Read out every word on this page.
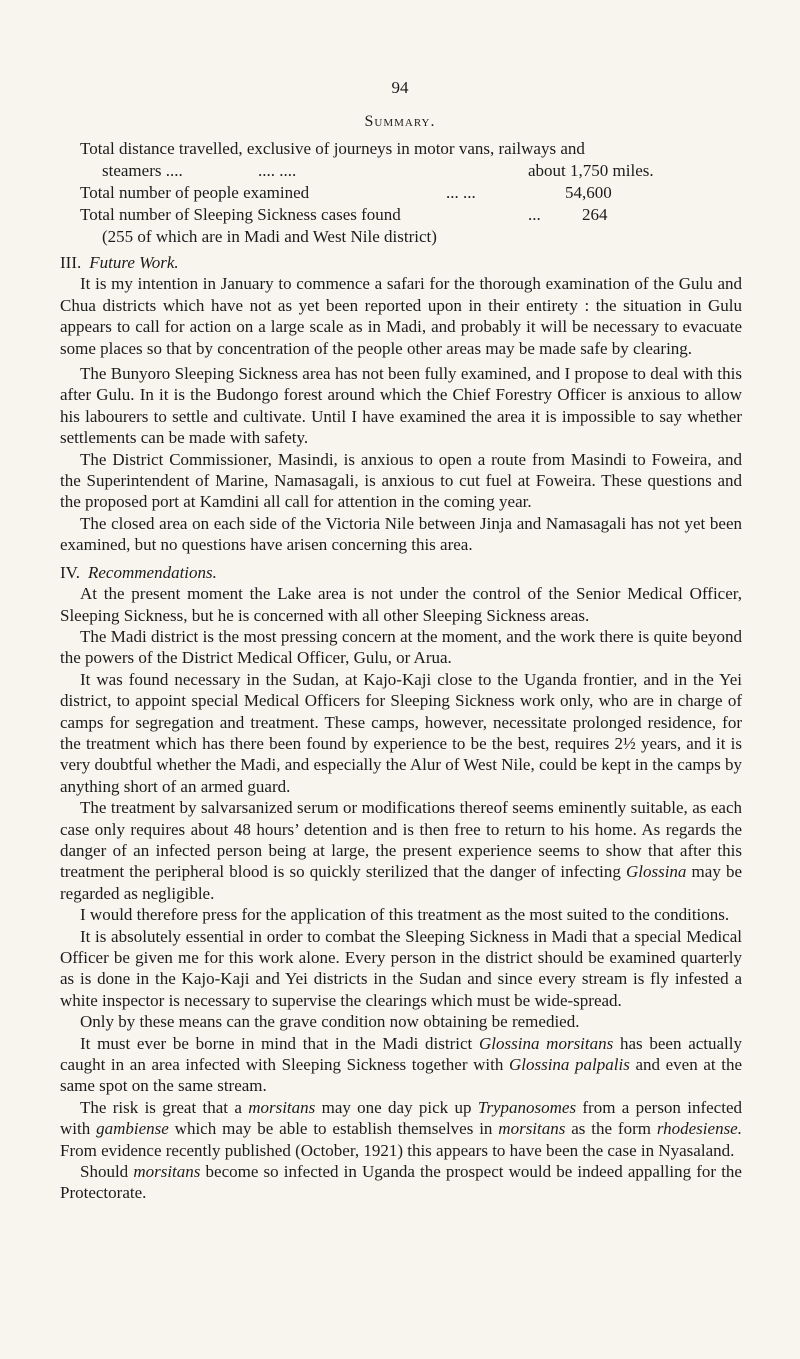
94
Summary.
Total distance travelled, exclusive of journeys in motor vans, railways and
steamers ....	.... ....	about 1,750 miles.
Total number of people examined	... ...	54,600
Total number of Sleeping Sickness cases found	... 264
(255 of which are in Madi and West Nile district)
III. Future Work.

It is my intention in January to commence a safari for the thorough examination of the Gulu and Chua districts which have not as yet been reported upon in their entirety : the situation in Gulu appears to call for action on a large scale as in Madi, and probably it will be necessary to evacuate some places so that by concentration of the people other areas may be made safe by clearing.

The Bunyoro Sleeping Sickness area has not been fully examined, and I propose to deal with this after Gulu. In it is the Budongo forest around which the Chief Forestry Officer is anxious to allow his labourers to settle and cultivate. Until I have examined the area it is impossible to say whether settlements can be made with safety.

The District Commissioner, Masindi, is anxious to open a route from Masindi to Foweira, and the Superintendent of Marine, Namasagali, is anxious to cut fuel at Foweira. These questions and the proposed port at Kamdini all call for attention in the coming year.

The closed area on each side of the Victoria Nile between Jinja and Namasagali has not yet been examined, but no questions have arisen concerning this area.

IV. Recommendations.

At the present moment the Lake area is not under the control of the Senior Medical Officer, Sleeping Sickness, but he is concerned with all other Sleeping Sickness areas.

The Madi district is the most pressing concern at the moment, and the work there is quite beyond the powers of the District Medical Officer, Gulu, or Arua.

It was found necessary in the Sudan, at Kajo-Kaji close to the Uganda frontier, and in the Yei district, to appoint special Medical Officers for Sleeping Sickness work only, who are in charge of camps for segregation and treatment. These camps, however, necessitate prolonged residence, for the treatment which has there been found by experience to be the best, requires 2½ years, and it is very doubtful whether the Madi, and especially the Alur of West Nile, could be kept in the camps by anything short of an armed guard.

The treatment by salvarsanized serum or modifications thereof seems eminently suitable, as each case only requires about 48 hours’ detention and is then free to return to his home. As regards the danger of an infected person being at large, the present experience seems to show that after this treatment the peripheral blood is so quickly sterilized that the danger of infecting Glossina may be regarded as negligible.

I would therefore press for the application of this treatment as the most suited to the conditions.

It is absolutely essential in order to combat the Sleeping Sickness in Madi that a special Medical Officer be given me for this work alone. Every person in the district should be examined quarterly as is done in the Kajo-Kaji and Yei districts in the Sudan and since every stream is fly infested a white inspector is necessary to supervise the clearings which must be wide-spread.

Only by these means can the grave condition now obtaining be remedied.

It must ever be borne in mind that in the Madi district Glossina morsitans has been actually caught in an area infected with Sleeping Sickness together with Glossina palpalis and even at the same spot on the same stream.

The risk is great that a morsitans may one day pick up Trypanosomes from a person infected with gambiense which may be able to establish themselves in morsitans as the form rhodesiense. From evidence recently published (October, 1921) this appears to have been the case in Nyasaland.

Should morsitans become so infected in Uganda the prospect would be indeed appalling for the Protectorate.
